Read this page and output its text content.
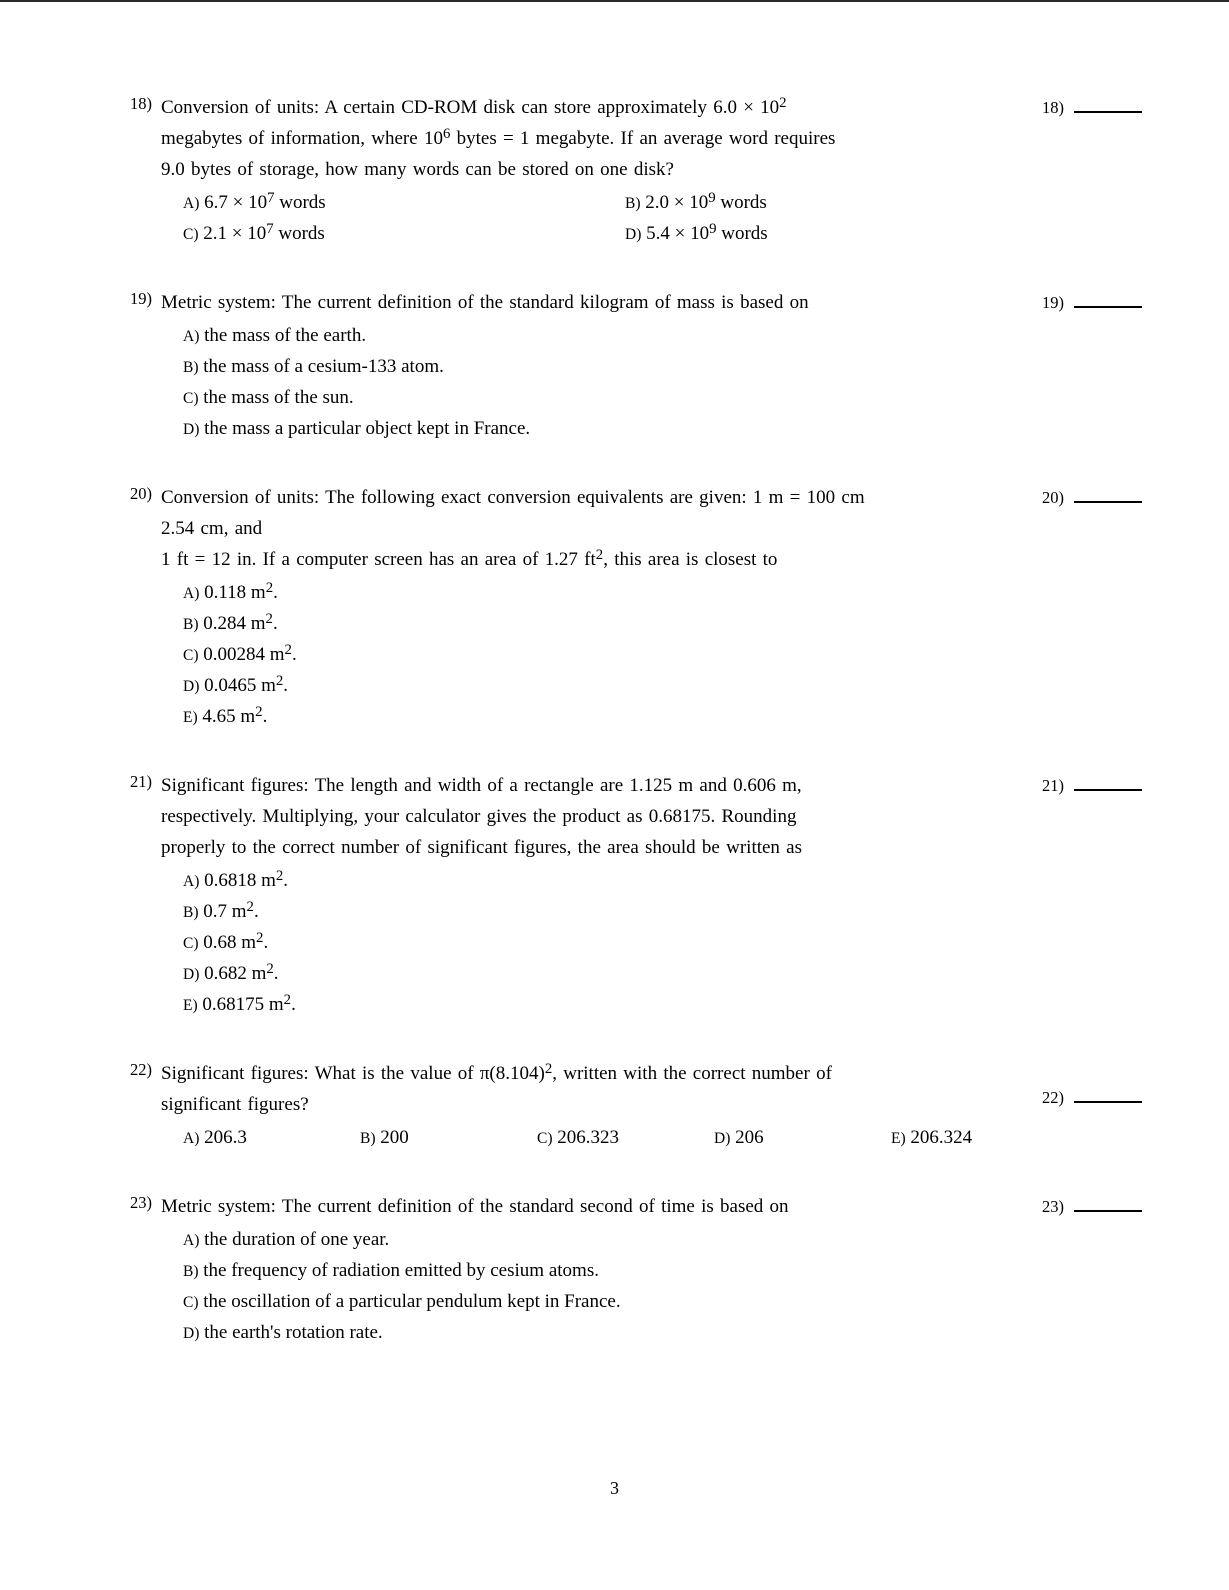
18)
18) Conversion of units: A certain CD-ROM disk can store approximately $6.0 \times 10^2$
megabytes of information, where $10^6$ bytes = 1 megabyte. If an average word requires
9.0 bytes of storage, how many words can be stored on one disk?
A) $6.7 \times 10^7$ words	B) $2.0 \times 10^9$ words
C) $2.1 \times 10^7$ words	D) $5.4 \times 10^9$ words
19)
19) Metric system: The current definition of the standard kilogram of mass is based on
A) the mass of the earth.
B) the mass of a cesium-133 atom.
C) the mass of the sun.
D) the mass a particular object kept in France.
20)
20) Conversion of units: The following exact conversion equivalents are given: 1 m = 100 cm
2.54 cm, and
1 ft = 12 in. If a computer screen has an area of 1.27 $ft^2$, this area is closest to
A) 0.118 $m^2$.
B) 0.284 $m^2$.
C) 0.00284 $m^2$.
D) 0.0465 $m^2$.
E) 4.65 $m^2$.
21)
21) Significant figures: The length and width of a rectangle are 1.125 m and 0.606 m,
respectively. Multiplying, your calculator gives the product as 0.68175. Rounding
properly to the correct number of significant figures, the area should be written as
A) 0.6818 $m^2$.
B) 0.7 $m^2$.
C) 0.68 $m^2$.
D) 0.682 $m^2$.
E) 0.68175 $m^2$.
22)
22) Significant figures: What is the value of $\pi(8.104)^2$, written with the correct number of
significant figures?
A) 206.3	B) 200	C) 206.323	D) 206	E) 206.324
23)
23) Metric system: The current definition of the standard second of time is based on
A) the duration of one year.
B) the frequency of radiation emitted by cesium atoms.
C) the oscillation of a particular pendulum kept in France.
D) the earth's rotation rate.
3
